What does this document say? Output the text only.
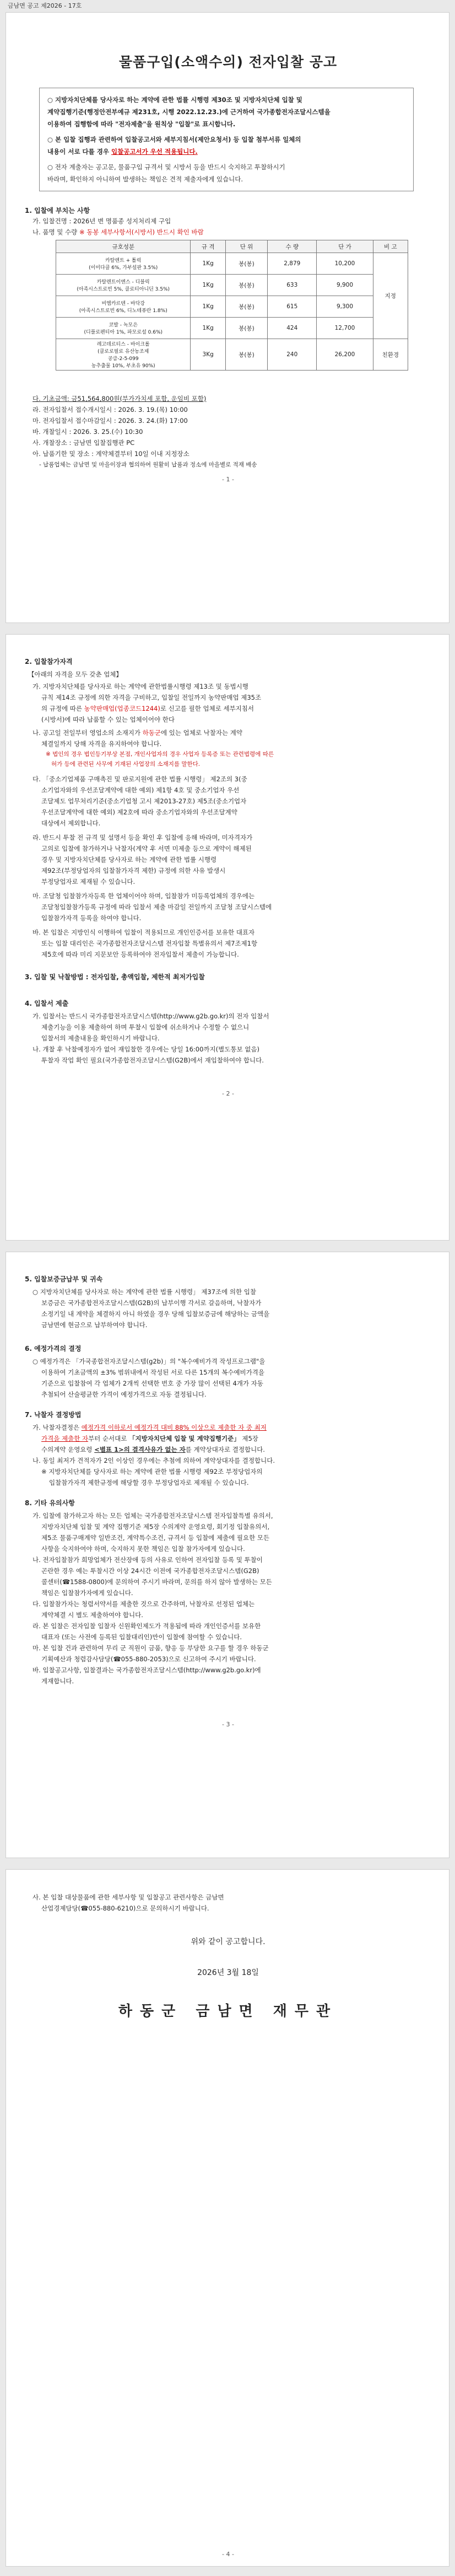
금남면 공고 제2026 - 17호
물품구입(소액수의) 전자입찰 공고

○ 지방자치단체를 당사자로 하는 계약에 관한 법률 시행령 제30조 및 지방자치단체 입찰 및
계약집행기준(행정안전부예규 제231호, 시행 2022.12.23.)에 근거하여 국가종합전자조달시스템을
이용하여 집행함에 따라 "전자제출"을 원칙상 "입찰"로 표시합니다.

○ 본 입찰 집행과 관련하여 입찰공고서와 세부지침서(제안요청서) 등 입찰 첨부서류 일체의
내용이 서로 다를 경우 입찰공고서가 우선 적용됩니다.

○ 전자 계출자는 공고문, 물품구입 규격서 및 시방서 등을 반드시 숙지하고 투찰하시기
바라며, 확인하지 아니하여 발생하는 책임은 견적 제출자에게 있습니다.

1. 입찰에 부치는 사항
가. 입찰건명 : 2026년 변 명품종 성지처리제 구입
나. 품명 및 수량 ※ 동봉 세부사항서(시방서) 반드시 확인 바람
규호성분	규 격	단 위	수 량	단 가	비 고
카탈렌트 + 톨릭
(이미다클 6%, 가부설판 3.5%)	1Kg	봉(봉)	2,879	10,200	지정
카탈렌트이엔스 - 디블릭
(아족시스트로빈 5%, 클로티아니딘 3.5%)	1Kg	봉(봉)	633	9,900	
비엠카르텐 - 바닥강
(아족시스트로빈 6%, 디노테퓨란 1.8%)	1Kg	봉(봉)	615	9,300	
코발 - 녹모은
(디플로펜티아 1%, 파모로설 0.6%)	1Kg	봉(봉)	424	12,700	
레고데르티스 - 바이크롤
(클로로필로 유산농조제
공급-2-5-099
농추출물 10%, 부초유 90%)	3Kg	봉(봉)	240	26,200	친환경
다. 기초금액: 금51,564,800원(부가가치세 포함, 운임비 포함)
라. 전자입찰서 접수개시일시 : 2026. 3. 19.(목) 10:00
마. 전자입찰서 접수마감일시 : 2026. 3. 24.(화) 17:00
바. 개찰일시 : 2026. 3. 25.(수) 10:30
사. 개찰장소 : 금남면 입찰집행관 PC
아. 납품기한 및 장소 : 계약체결부터 10일 이내 지정장소
- 납품업체는 금남면 및 마을이장과 협의하여 원활히 납품과 정소에 마을별로 적재 배송
- 1 -
2. 입찰참가자격
【아래의 자격을 모두 갖춘 업체】
가. 지방자치단체를 당사자로 하는 계약에 관한법률시행령 제13조 및 동법시행
규칙 제14조 규정에 의한 자격을 구비하고, 입찰일 전일까지 농약판매업 제35조
의 규정에 따른 농약판매업(업종코드1244)로 신고를 필한 업체로 세부지침서
(시방서)에 따라 납품할 수 있는 업체이어야 한다
나. 공고일 전일부터 영업소의 소재지가 하동군에 있는 업체로 낙찰자는 계약
체결일까지 당해 자격을 유지하여야 합니다.
※ 법인의 경우 법인등기부상 본점, 개인사업자의 경우 사업자 등록증 또는 관련법령에 따른
허가 등에 관련된 사무에 기재된 사업장의 소재지를 말한다.
다. 「중소기업제품 구매촉진 및 판로지원에 관한 법률 시행령」 제2조의 3(중
소기업자와의 우선조달계약에 대한 예외) 제1항 4호 및 중소기업자 우선
조달제도 업무처리기준(중소기업청 고시 제2013-27호) 제5조(중소기업자
우선조달계약에 대한 예외) 제2호에 따라 중소기업자와의 우선조달계약
대상에서 제외합니다.
라. 반드시 투찰 전 규격 및 설명서 등을 확인 후 입찰에 응해 바라며, 미자격자가
고의로 입찰에 참가하거나 낙찰자(계약 후 서면 미제출 등으로 계약이 해제된
경우 및 지방자치단체를 당사자로 하는 계약에 관한 법률 시행령
제92조(부정당업자의 입찰참가자격 제한) 규정에 의한 사유 발생시
부정당업자로 제재될 수 있습니다.
마. 조달청 입찰참가자등록 한 업체이어야 하며, 입찰참가 미등록업체의 경우에는
조달청입찰참가등록 규정에 따라 입찰서 제출 마감일 전일까지 조달청 조달시스템에
입찰참가자격 등록을 하여야 합니다.
바. 본 입찰은 지방인식 이행하여 입찰이 적용되므로 개인인증서를 보유한 대표자
또는 입찰 대리인은 국가종합전자조달시스템 전자입찰 특별유의서 제7조제1항
제5호에 따라 미리 지문보안 등록하여야 전자입찰서 제출이 가능합니다.
3. 입찰 및 낙찰방법 : 전자입찰, 총액입찰, 제한적 최저가입찰
4. 입찰서 제출
가. 입찰서는 반드시 국가종합전자조달시스템(http://www.g2b.go.kr)의 전자 입찰서
제출기능을 이용 제출하여 하며 투찰시 입찰에 쉬소하거나 수정할 수 없으니
입찰서의 제출내용을 확인하시기 바랍니다.
나. 개찰 후 낙찰예정자가 없어 재입찰한 경우에는 당일 16:00까지(별도통보 없음)
투찰자 작업 확인 필요(국가종합전자조달시스템(G2B)에서 재입찰하여야 합니다.
- 2 -
5. 입찰보증금납부 및 귀속
○ 지방자치단체를 당사자로 하는 계약에 관한 법률 시행령」 제37조에 의한 입찰
보증금은 국가종합전자조달시스템(G2B)의 납부이행 각서로 갈음하며, 낙찰자가
소정기일 내 계약을 체결하지 아니 하였을 경우 당해 입찰보증금에 해당하는 금액을
금남면에 현금으로 납부하여야 합니다.
6. 예정가격의 결정
○ 예정가격은 「가국종합전자조달시스템(g2b)」의 "복수예비가격 작성프로그램"을
이용하여 기초금액의 ±3% 범위내에서 작성된 서로 다른 15개의 복수예비가격을
기준으로 입찰참여 각 업체가 2개씩 선택한 번호 중 가장 많이 선택된 4개가 자동
추첨되어 산술평균한 가격이 예정가격으로 자동 결정됩니다.
7. 낙찰자 결정방법
가. 낙찰자결정은 예정가격 이하로서 예정가격 대비 88% 이상으로 제출한 자 중 최저
가격을 제출한 자부터 순서대로 「지방자치단체 입찰 및 계약집행기준」 제5장
수의계약 운영요령 <별표 1>의 결격사유가 없는 자를 계약상대자로 결정합니다.
나. 동일 최저가 견적자가 2인 이상인 경우에는 추첨에 의하여 계약상대자를 결정합니다.
※ 지방자치단체를 당사자로 하는 계약에 관한 법률 시행령 제92조 부정당업자의
입찰참가자격 제한규정에 해당할 경우 부정당업자로 제재될 수 있습니다.
8. 기타 유의사항
가. 입찰에 참가하고자 하는 모든 업체는 국가종합전자조달시스템 전자입찰특별 유의서,
지방자치단체 입찰 및 계약 집행기준 제5장 수의계약 운영요령, 회기정 입찰유의서,
제5조 물품구매계약 일반조건, 계약특수조건, 규격서 등 입찰에 제출에 필요한 모든
사항을 숙지하여야 하며, 숙지하지 못한 책임은 입찰 참가자에게 있습니다.
나. 전자입찰참가 희망업체가 전산장애 등의 사유로 인하여 전자입찰 등록 및 투찰이
곤란한 경우 예는 투찰시간 이상 24시간 이전에 국가종합전자조달시스템(G2B)
콜센터(☎1588-0800)에 문의하여 주시기 바라며, 문의를 하지 않아 발생하는 모든
책임은 입찰참가자에게 있습니다.
다. 입찰참가자는 청렴서약서를 제출한 것으로 간주하며, 낙찰자로 선정된 업체는
계약체결 시 별도 제출하여야 합니다.
라. 본 입찰은 전자입찰 입찰자 신원확인제도가 적용됨에 따라 개인인증서를 보유한
대표자 (또는 사전에 등록된 입찰대리인)만이 입찰에 참여할 수 있습니다.
마. 본 입찰 건과 관련하여 무리 군 직원이 금품, 향응 등 부당한 요구를 할 경우 하동군
기획예산과 청렴감사담당(☎055-880-2053)으로 신고하여 주시기 바랍니다.
바. 입찰공고사항, 입찰결과는 국가종합전자조달시스템(http://www.g2b.go.kr)에
게재합니다.
- 3 -
사. 본 입찰 대상물품에 관한 세부사항 및 입찰공고 관련사항은 금남면
산업경제담당(☎055-880-6210)으로 문의하시기 바랍니다.
위와 같이 공고합니다.
2026년 3월 18일
하동군 금남면 재무관
- 4 -
